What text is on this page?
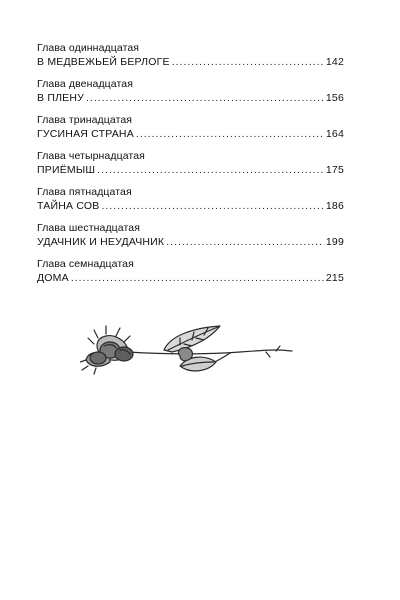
Глава одиннадцатая
В МЕДВЕЖЬЕЙ БЕРЛОГЕ .....	142
Глава двенадцатая
В ПЛЕНУ .....	156
Глава тринадцатая
ГУСИНАЯ СТРАНА .....	164
Глава четырнадцатая
ПРИЁМЫШ .....	175
Глава пятнадцатая
ТАЙНА СОВ .....	186
Глава шестнадцатая
УДАЧНИК И НЕУДАЧНИК .....	199
Глава семнадцатая
ДОМА .....	215
